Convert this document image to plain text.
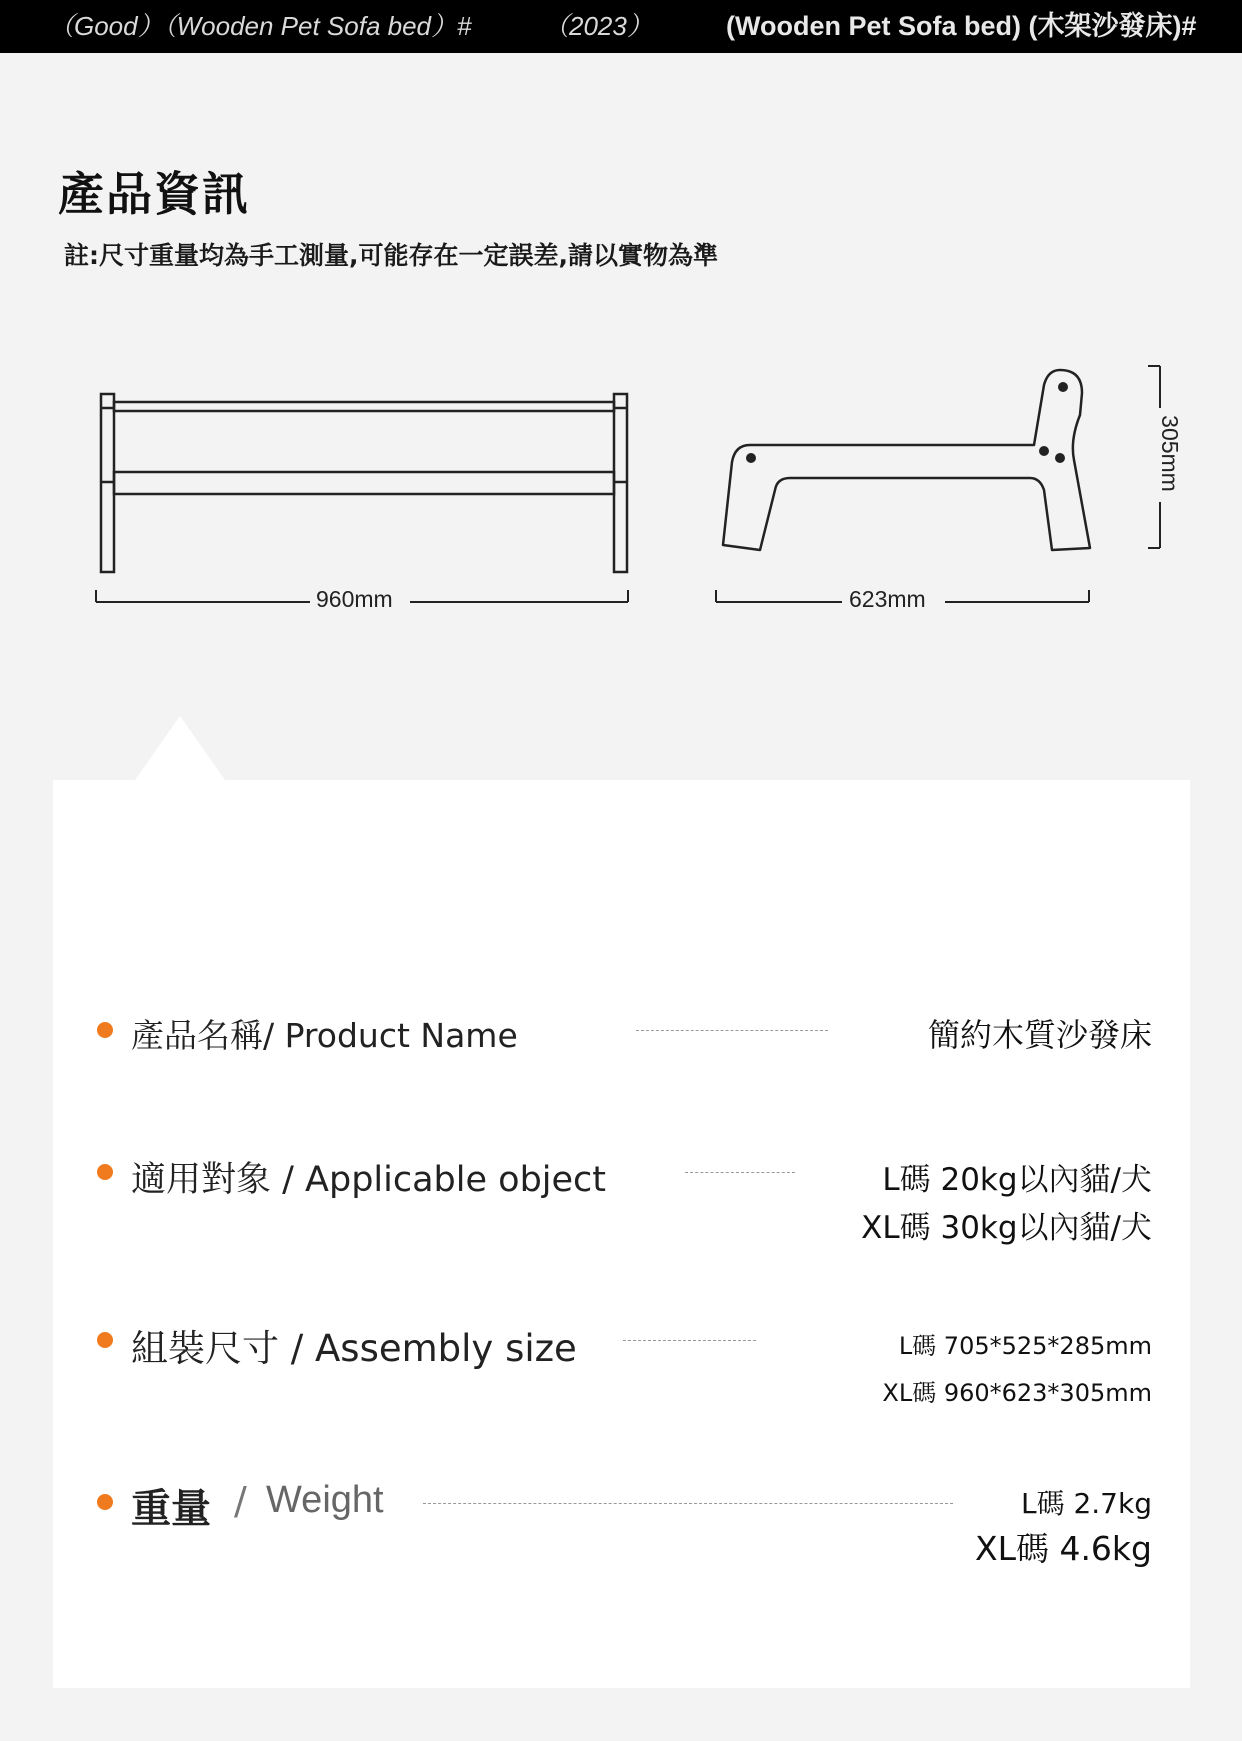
（Good）（Wooden Pet Sofa bed）#	（2023）	(Wooden Pet Sofa bed) (木架沙發床)#
產品資訊
註:尺寸重量均為手工測量,可能存在一定誤差,請以實物為準
960mm	623mm
305mm
產品名稱/ Product Name	簡約木質沙發床
適用對象 / Applicable object	L碼 20kg以內貓/犬
XL碼 30kg以內貓/犬
組裝尺寸 / Assembly size	L碼 705*525*285mm
XL碼 960*623*305mm
重量 / Weight	L碼 2.7kg
XL碼 4.6kg
